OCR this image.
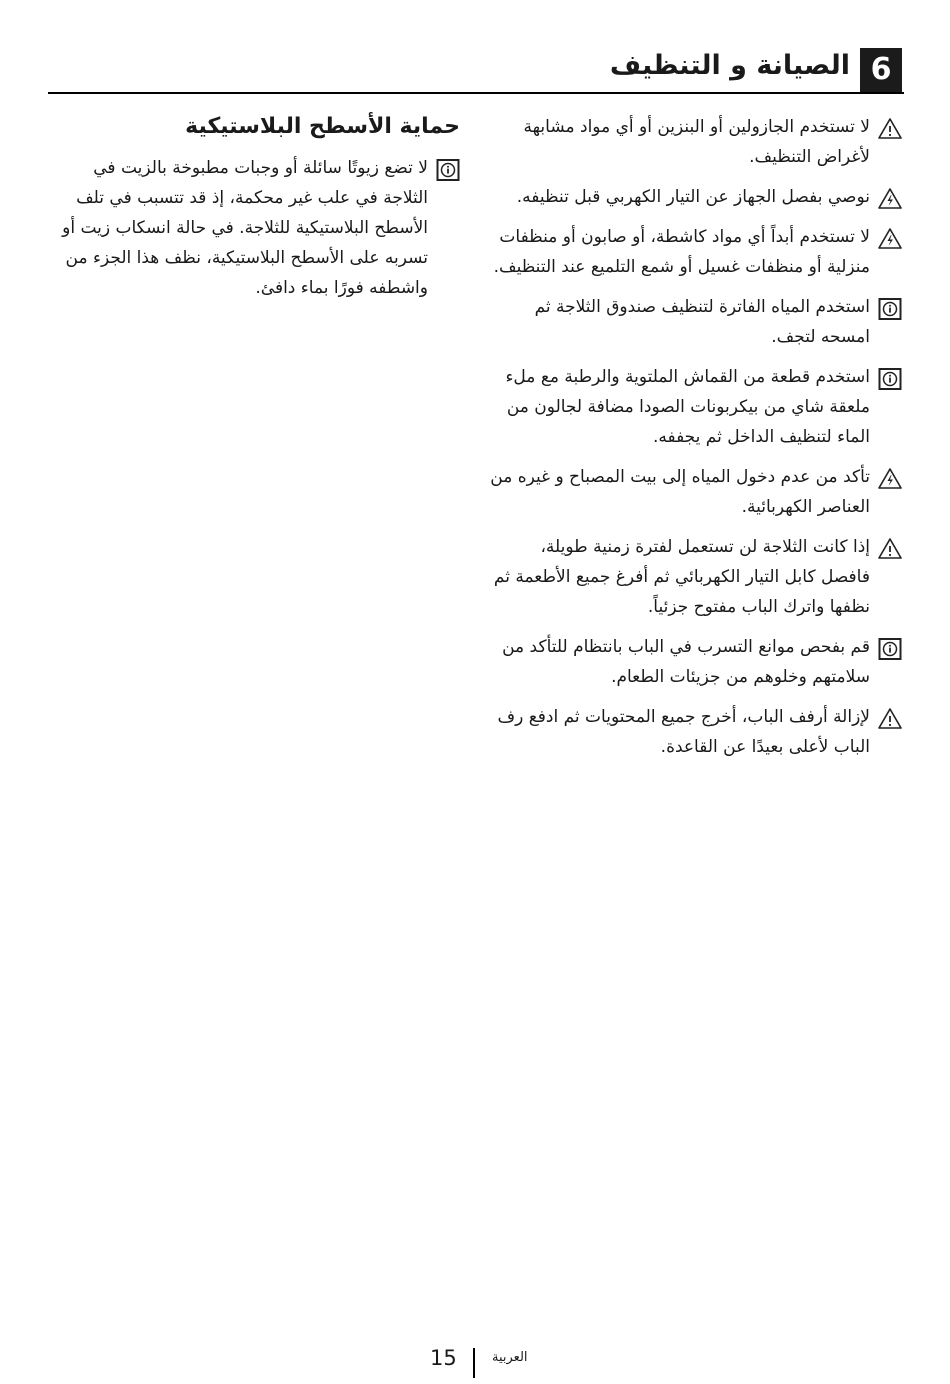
6
الصيانة و التنظيف
لا تستخدم الجازولين أو البنزين أو أي مواد مشابهة لأغراض التنظيف.
نوصي بفصل الجهاز عن التيار الكهربي قبل تنظيفه.
لا تستخدم أبداً أي مواد كاشطة، أو صابون أو منظفات منزلية أو منظفات غسيل أو شمع التلميع عند التنظيف.
استخدم المياه الفاترة لتنظيف صندوق الثلاجة ثم امسحه لتجف.
استخدم قطعة من القماش الملتوية والرطبة مع ملء ملعقة شاي من بيكربونات الصودا مضافة لجالون من الماء لتنظيف الداخل ثم يجففه.
تأكد من عدم دخول المياه إلى بيت المصباح و غيره من العناصر الكهربائية.
إذا كانت الثلاجة لن تستعمل لفترة زمنية طويلة، فافصل كابل التيار الكهربائي ثم أفرغ جميع الأطعمة ثم نظفها واترك الباب مفتوح جزئياً.
قم بفحص موانع التسرب في الباب بانتظام للتأكد من سلامتهم وخلوهم من جزيئات الطعام.
لإزالة أرفف الباب، أخرج جميع المحتويات ثم ادفع رف الباب لأعلى بعيدًا عن القاعدة.
حماية الأسطح البلاستيكية
لا تضع زيوتًا سائلة أو وجبات مطبوخة بالزيت في الثلاجة في علب غير محكمة، إذ قد تتسبب في تلف الأسطح البلاستيكية للثلاجة. في حالة انسكاب زيت أو تسربه على الأسطح البلاستيكية، نظف هذا الجزء من واشطفه فورًا بماء دافئ.
15	العربية
